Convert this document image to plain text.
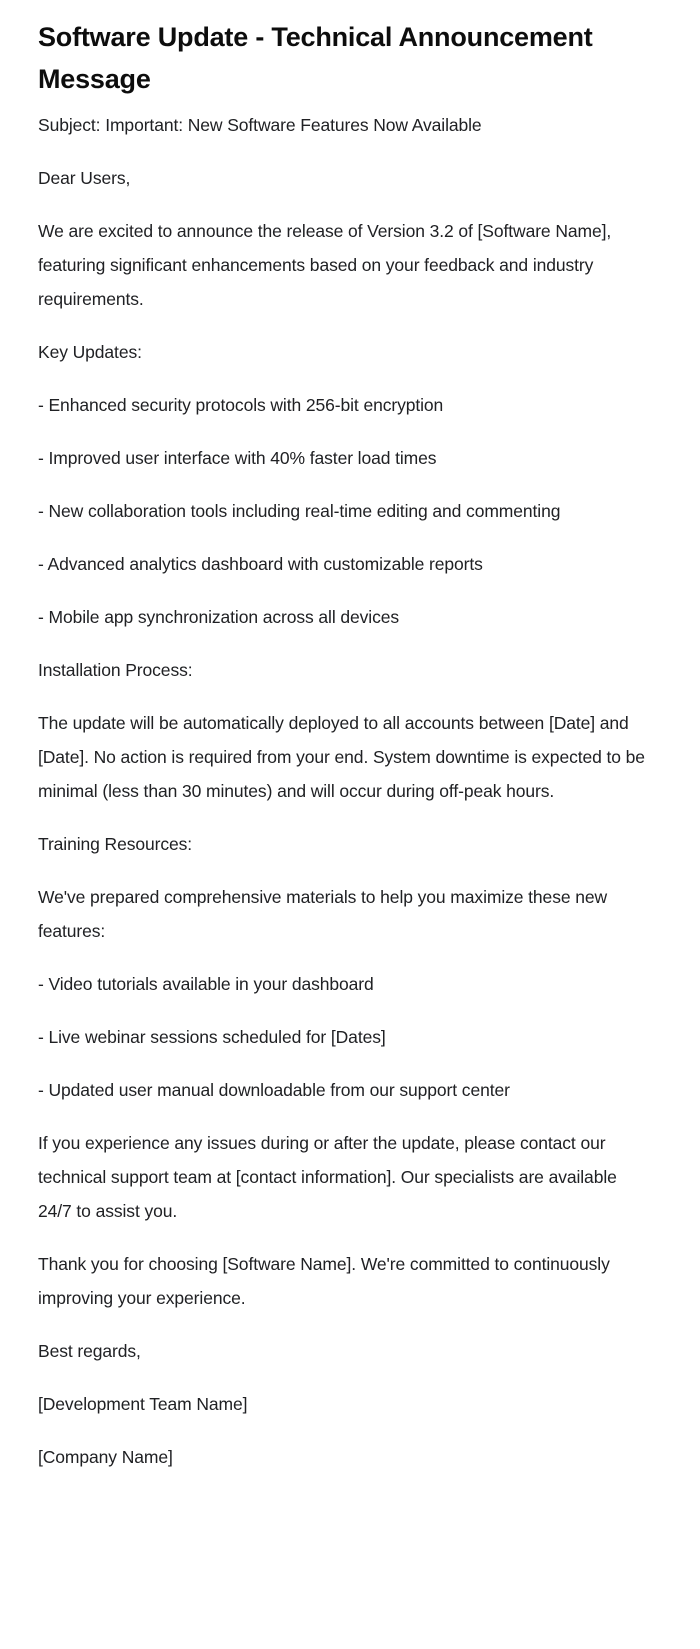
Software Update - Technical Announcement Message

Subject: Important: New Software Features Now Available

Dear Users,

We are excited to announce the release of Version 3.2 of [Software Name], featuring significant enhancements based on your feedback and industry requirements.

Key Updates:

- Enhanced security protocols with 256-bit encryption

- Improved user interface with 40% faster load times

- New collaboration tools including real-time editing and commenting

- Advanced analytics dashboard with customizable reports

- Mobile app synchronization across all devices

Installation Process:

The update will be automatically deployed to all accounts between [Date] and [Date]. No action is required from your end. System downtime is expected to be minimal (less than 30 minutes) and will occur during off-peak hours.

Training Resources:

We've prepared comprehensive materials to help you maximize these new features:

- Video tutorials available in your dashboard

- Live webinar sessions scheduled for [Dates]

- Updated user manual downloadable from our support center

If you experience any issues during or after the update, please contact our technical support team at [contact information]. Our specialists are available 24/7 to assist you.

Thank you for choosing [Software Name]. We're committed to continuously improving your experience.

Best regards,

[Development Team Name]

[Company Name]
